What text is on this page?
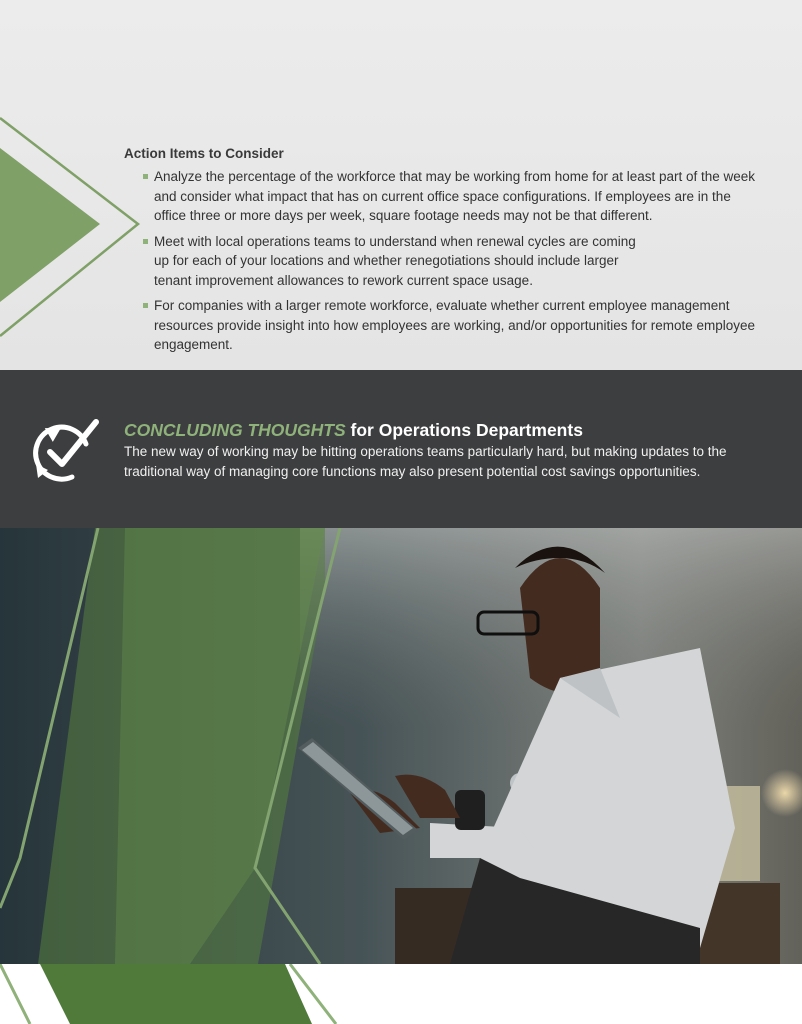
Action Items to Consider
Analyze the percentage of the workforce that may be working from home for at least part of the week and consider what impact that has on current office space configurations. If employees are in the office three or more days per week, square footage needs may not be that different.
Meet with local operations teams to understand when renewal cycles are coming up for each of your locations and whether renegotiations should include larger tenant improvement allowances to rework current space usage.
For companies with a larger remote workforce, evaluate whether current employee management resources provide insight into how employees are working, and/or opportunities for remote employee engagement.
CONCLUDING THOUGHTS for Operations Departments

The new way of working may be hitting operations teams particularly hard, but making updates to the traditional way of managing core functions may also present potential cost savings opportunities.
